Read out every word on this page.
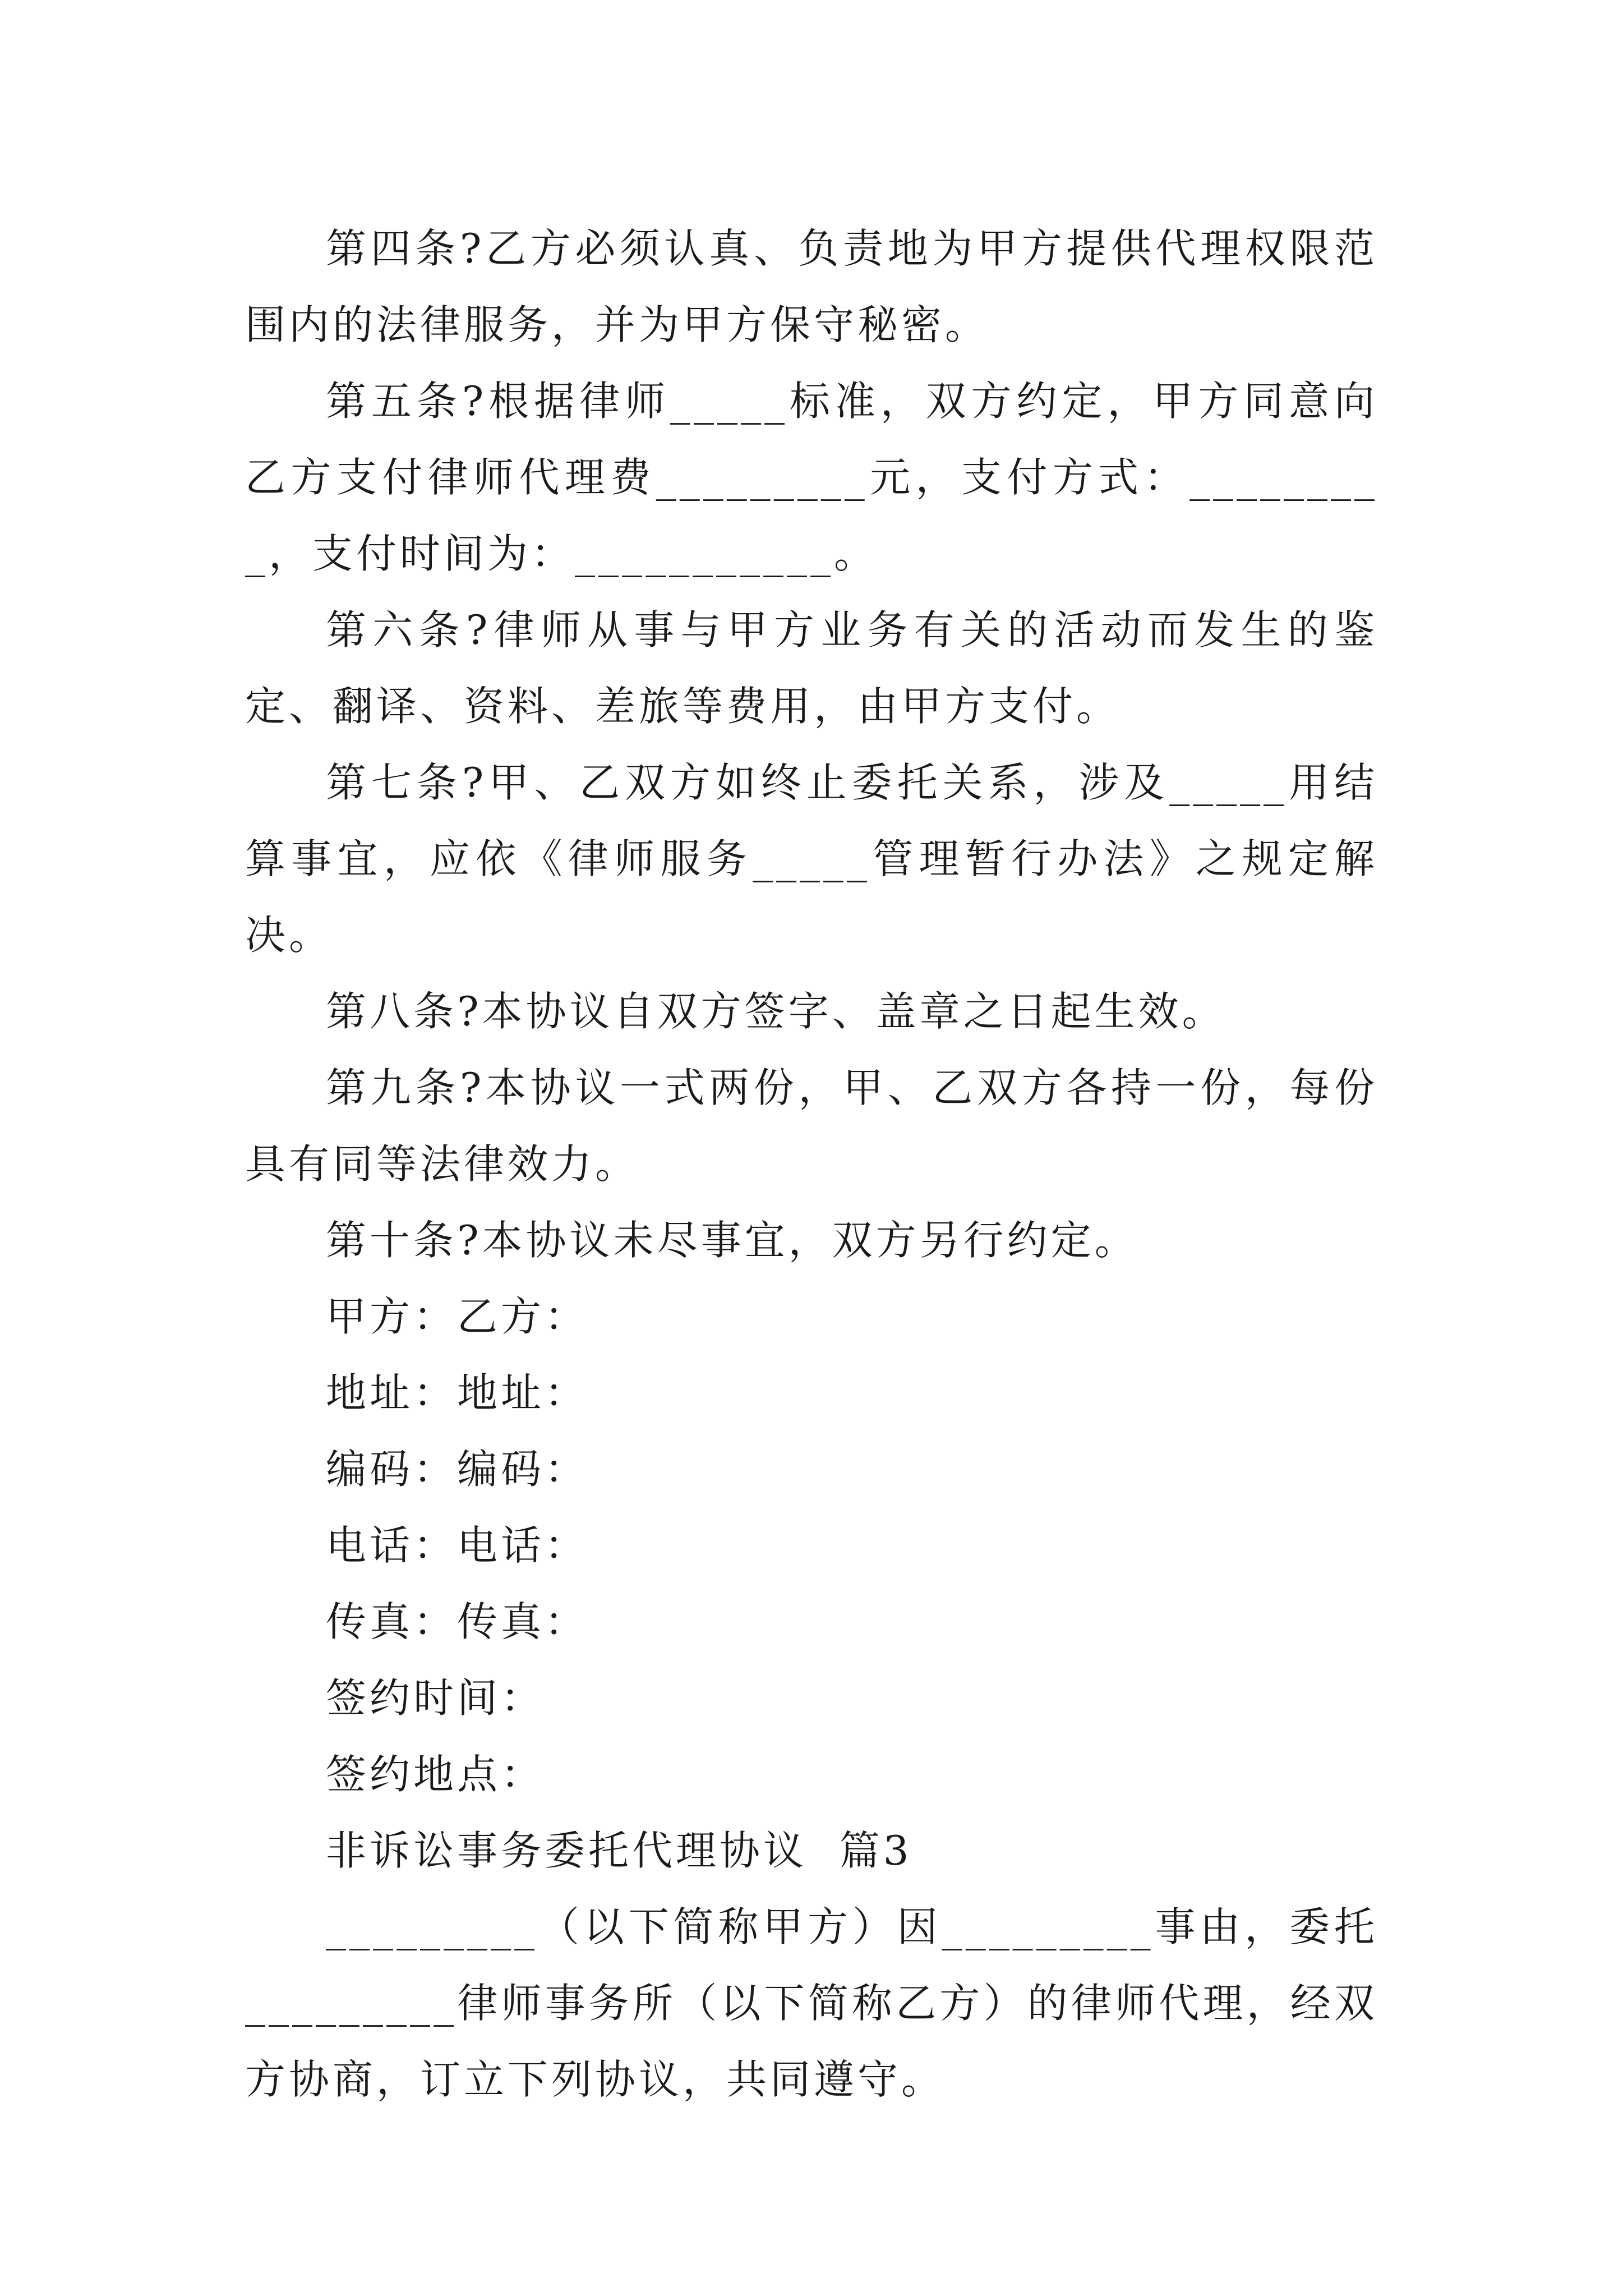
第四条?乙方必须认真、负责地为甲方提供代理权限范围内的法律服务，并为甲方保守秘密。

第五条?根据律师_____标准，双方约定，甲方同意向乙方支付律师代理费_________元，支付方式：_________，支付时间为：___________。

第六条?律师从事与甲方业务有关的活动而发生的鉴定、翻译、资料、差旅等费用，由甲方支付。

第七条?甲、乙双方如终止委托关系，涉及_____用结算事宜，应依《律师服务_____管理暂行办法》之规定解决。

第八条?本协议自双方签字、盖章之日起生效。

第九条?本协议一式两份，甲、乙双方各持一份，每份具有同等法律效力。

第十条?本协议未尽事宜，双方另行约定。

甲方：乙方：

地址：地址：

编码：编码：

电话：电话：

传真：传真：

签约时间：

签约地点：

非诉讼事务委托代理协议  篇3

_________（以下简称甲方）因_________事由，委托_________律师事务所（以下简称乙方）的律师代理，经双方协商，订立下列协议，共同遵守。
